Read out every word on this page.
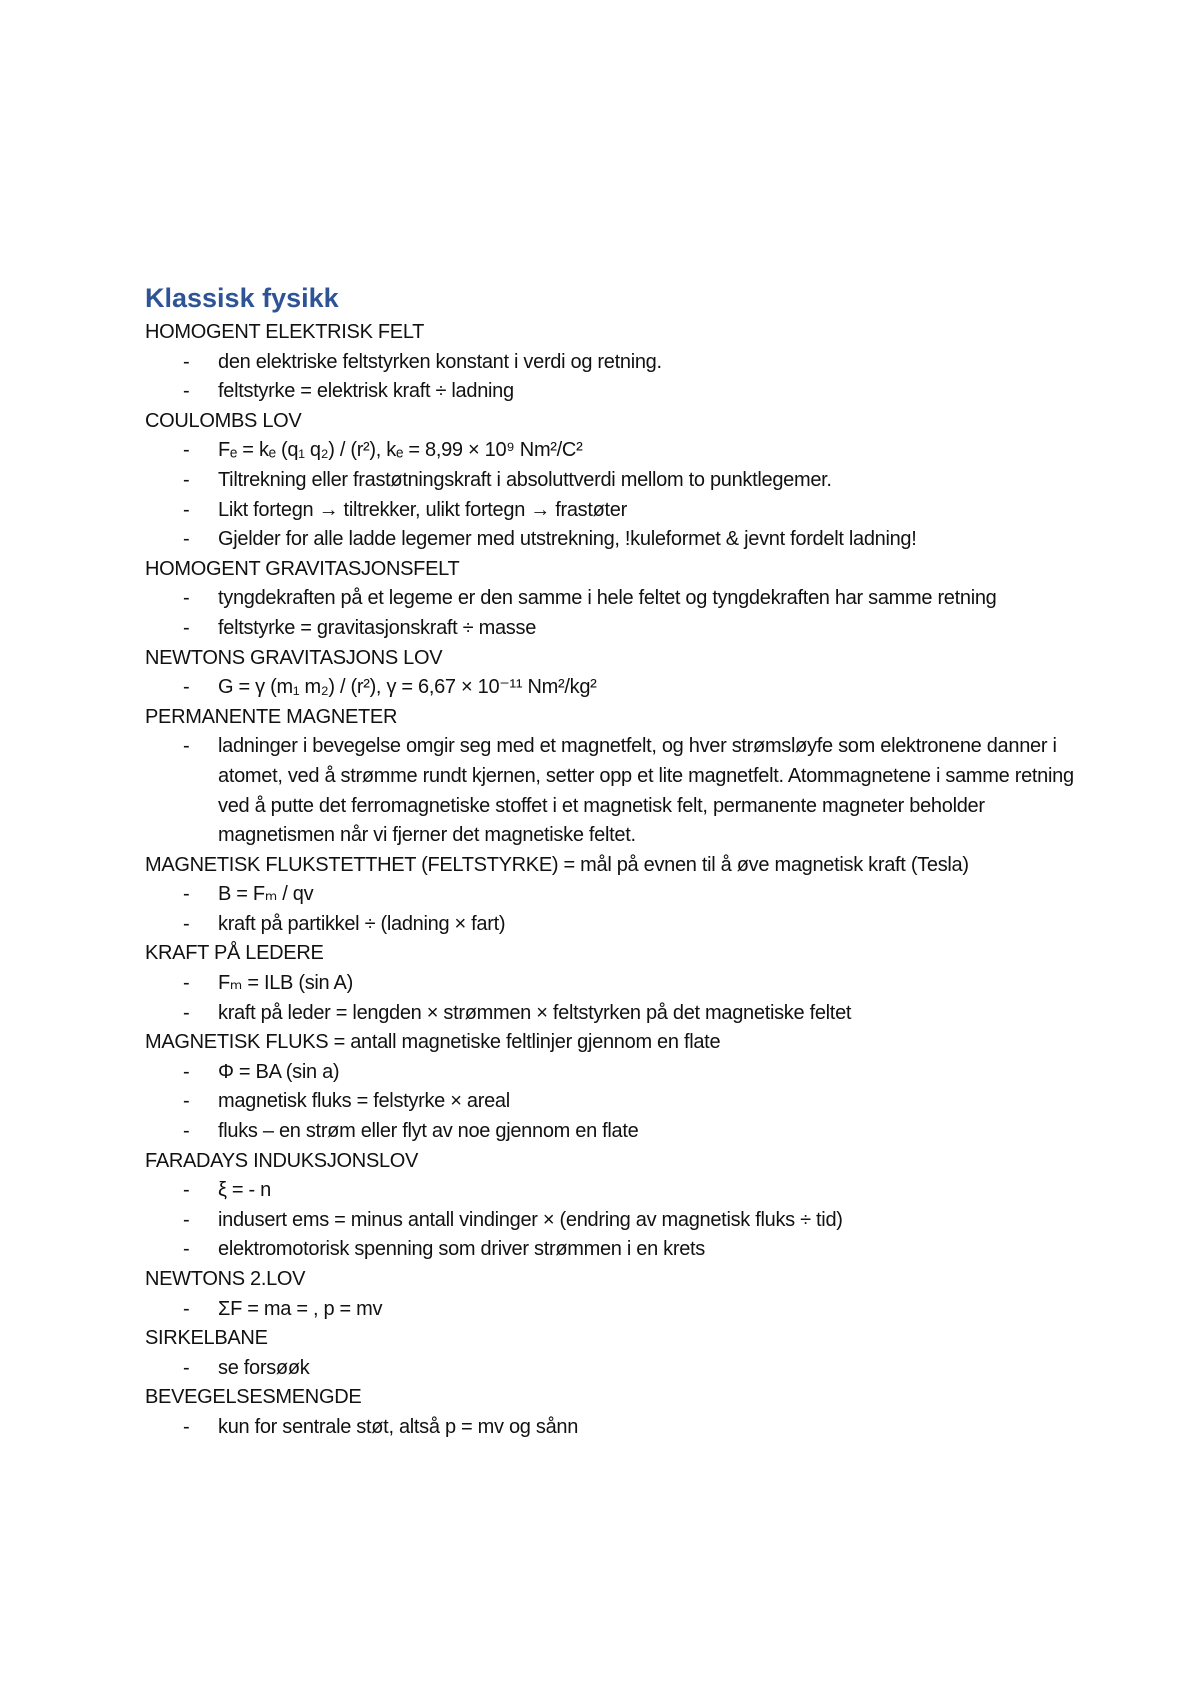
Klassisk fysikk
HOMOGENT ELEKTRISK FELT
- den elektriske feltstyrken konstant i verdi og retning.
- feltstyrke = elektrisk kraft ÷ ladning
COULOMBS LOV
- Fₑ = kₑ (q₁ q₂) / (r²), kₑ = 8,99 × 10⁹ Nm²/C²
- Tiltrekning eller frastøtningskraft i absoluttverdi mellom to punktlegemer.
- Likt fortegn → tiltrekker, ulikt fortegn → frastøter
- Gjelder for alle ladde legemer med utstrekning, !kuleformet & jevnt fordelt ladning!
HOMOGENT GRAVITASJONSFELT
- tyngdekraften på et legeme er den samme i hele feltet og tyngdekraften har samme retning
- feltstyrke = gravitasjonskraft ÷ masse
NEWTONS GRAVITASJONS LOV
- G = γ (m₁ m₂) / (r²), γ = 6,67 × 10⁻¹¹ Nm²/kg²
PERMANENTE MAGNETER
- ladninger i bevegelse omgir seg med et magnetfelt, og hver strømsløyfe som elektronene danner i atomet, ved å strømme rundt kjernen, setter opp et lite magnetfelt. Atommagnetene i samme retning ved å putte det ferromagnetiske stoffet i et magnetisk felt, permanente magneter beholder magnetismen når vi fjerner det magnetiske feltet.
MAGNETISK FLUKSTETTHET (FELTSTYRKE) = mål på evnen til å øve magnetisk kraft (Tesla)
- B = Fₘ / qv
- kraft på partikkel ÷ (ladning × fart)
KRAFT PÅ LEDERE
- Fₘ = ILB (sin A)
- kraft på leder = lengden × strømmen × feltstyrken på det magnetiske feltet
MAGNETISK FLUKS = antall magnetiske feltlinjer gjennom en flate
- Φ = BA (sin a)
- magnetisk fluks = felstyrke × areal
- fluks – en strøm eller flyt av noe gjennom en flate
FARADAYS INDUKSJONSLOV
- ξ = - n
- indusert ems = minus antall vindinger × (endring av magnetisk fluks ÷ tid)
- elektromotorisk spenning som driver strømmen i en krets
NEWTONS 2.LOV
- ΣF = ma = , p = mv
SIRKELBANE
- se forsøøk
BEVEGELSESMENGDE
- kun for sentrale støt, altså p = mv og sånn
